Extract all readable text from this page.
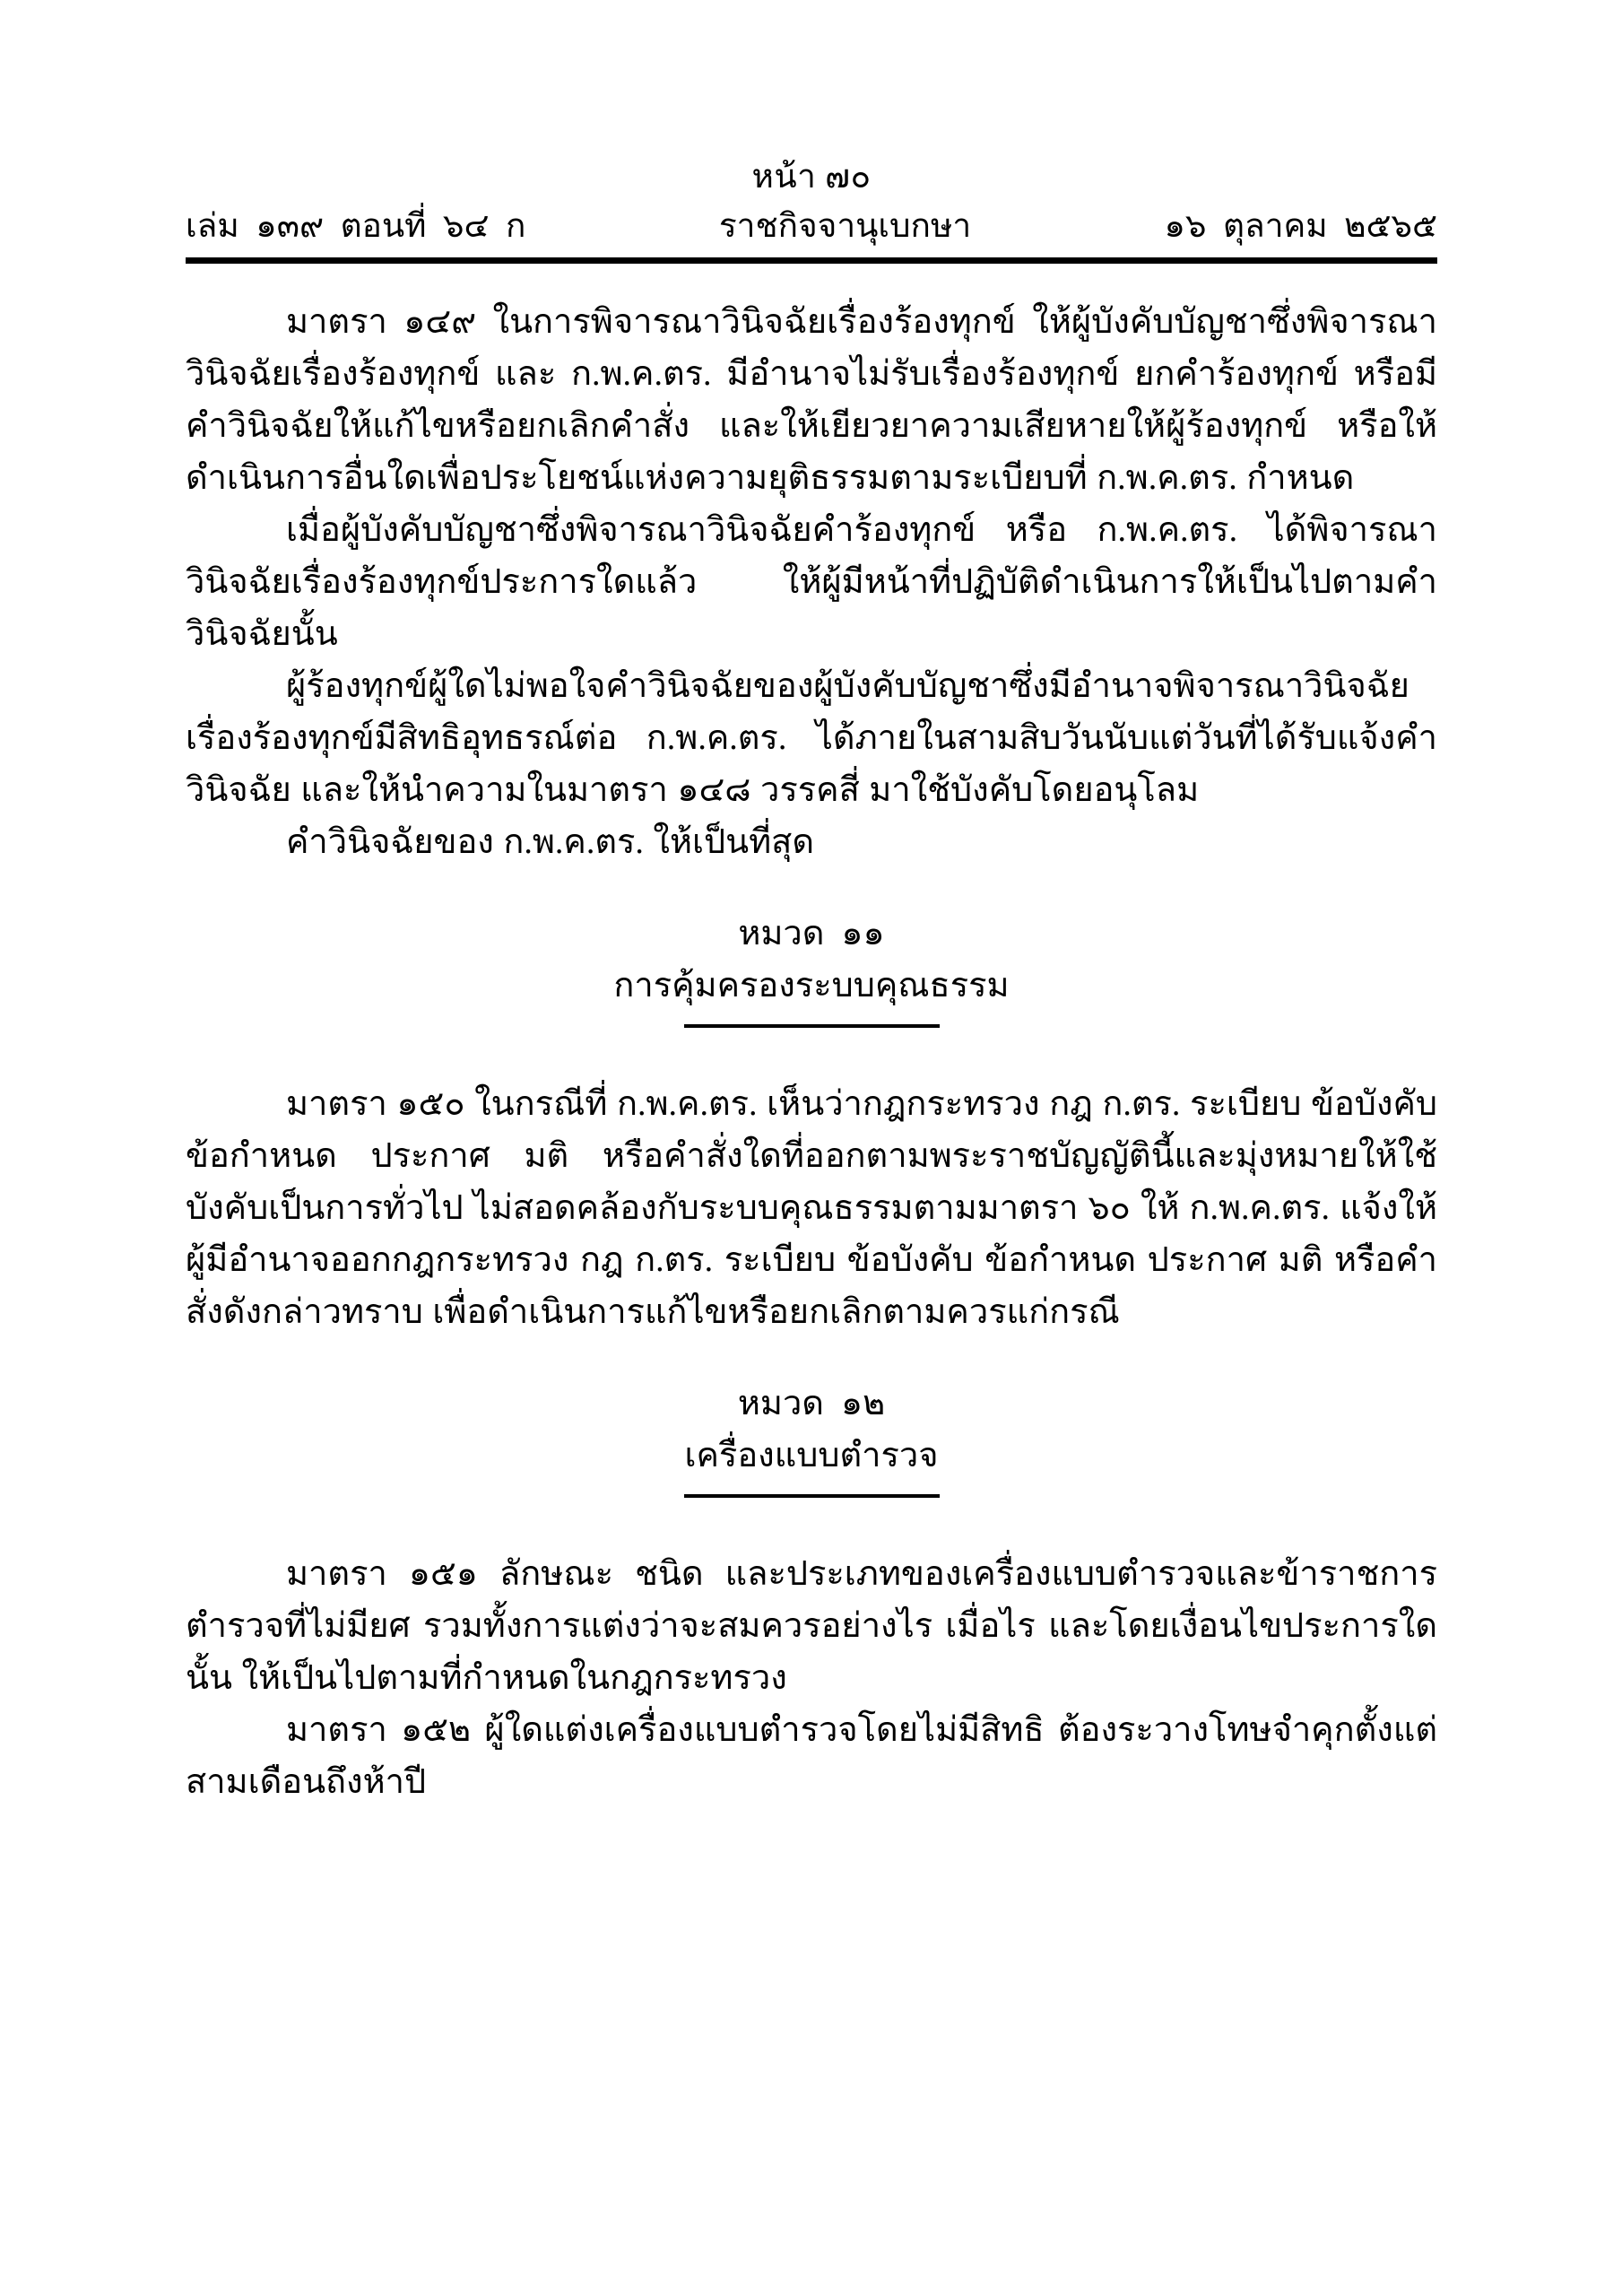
หน้า ๗๐
เล่ม  ๑๓๙  ตอนที่  ๖๔  ก	ราชกิจจานุเบกษา	๑๖  ตุลาคม  ๒๕๖๕

มาตรา ๑๔๙ ในการพิจารณาวินิจฉัยเรื่องร้องทุกข์ ให้ผู้บังคับบัญชาซึ่งพิจารณาวินิจฉัยเรื่องร้องทุกข์ และ ก.พ.ค.ตร. มีอำนาจไม่รับเรื่องร้องทุกข์ ยกคำร้องทุกข์ หรือมีคำวินิจฉัยให้แก้ไขหรือยกเลิกคำสั่ง และให้เยียวยาความเสียหายให้ผู้ร้องทุกข์ หรือให้ดำเนินการอื่นใดเพื่อประโยชน์แห่งความยุติธรรมตามระเบียบที่ ก.พ.ค.ตร. กำหนด

เมื่อผู้บังคับบัญชาซึ่งพิจารณาวินิจฉัยคำร้องทุกข์ หรือ ก.พ.ค.ตร. ได้พิจารณาวินิจฉัยเรื่องร้องทุกข์ประการใดแล้ว ให้ผู้มีหน้าที่ปฏิบัติดำเนินการให้เป็นไปตามคำวินิจฉัยนั้น

ผู้ร้องทุกข์ผู้ใดไม่พอใจคำวินิจฉัยของผู้บังคับบัญชาซึ่งมีอำนาจพิจารณาวินิจฉัยเรื่องร้องทุกข์มีสิทธิอุทธรณ์ต่อ ก.พ.ค.ตร. ได้ภายในสามสิบวันนับแต่วันที่ได้รับแจ้งคำวินิจฉัย และให้นำความในมาตรา ๑๔๘ วรรคสี่ มาใช้บังคับโดยอนุโลม

คำวินิจฉัยของ ก.พ.ค.ตร. ให้เป็นที่สุด

หมวด  ๑๑
การคุ้มครองระบบคุณธรรม

มาตรา ๑๕๐ ในกรณีที่ ก.พ.ค.ตร. เห็นว่ากฎกระทรวง กฎ ก.ตร. ระเบียบ ข้อบังคับ ข้อกำหนด ประกาศ มติ หรือคำสั่งใดที่ออกตามพระราชบัญญัตินี้และมุ่งหมายให้ใช้บังคับเป็นการทั่วไป ไม่สอดคล้องกับระบบคุณธรรมตามมาตรา ๖๐ ให้ ก.พ.ค.ตร. แจ้งให้ผู้มีอำนาจออกกฎกระทรวง กฎ ก.ตร. ระเบียบ ข้อบังคับ ข้อกำหนด ประกาศ มติ หรือคำสั่งดังกล่าวทราบ เพื่อดำเนินการแก้ไขหรือยกเลิกตามควรแก่กรณี

หมวด  ๑๒
เครื่องแบบตำรวจ

มาตรา ๑๕๑ ลักษณะ ชนิด และประเภทของเครื่องแบบตำรวจและข้าราชการตำรวจที่ไม่มียศ รวมทั้งการแต่งว่าจะสมควรอย่างไร เมื่อไร และโดยเงื่อนไขประการใดนั้น ให้เป็นไปตามที่กำหนดในกฎกระทรวง

มาตรา ๑๕๒ ผู้ใดแต่งเครื่องแบบตำรวจโดยไม่มีสิทธิ ต้องระวางโทษจำคุกตั้งแต่สามเดือนถึงห้าปี
